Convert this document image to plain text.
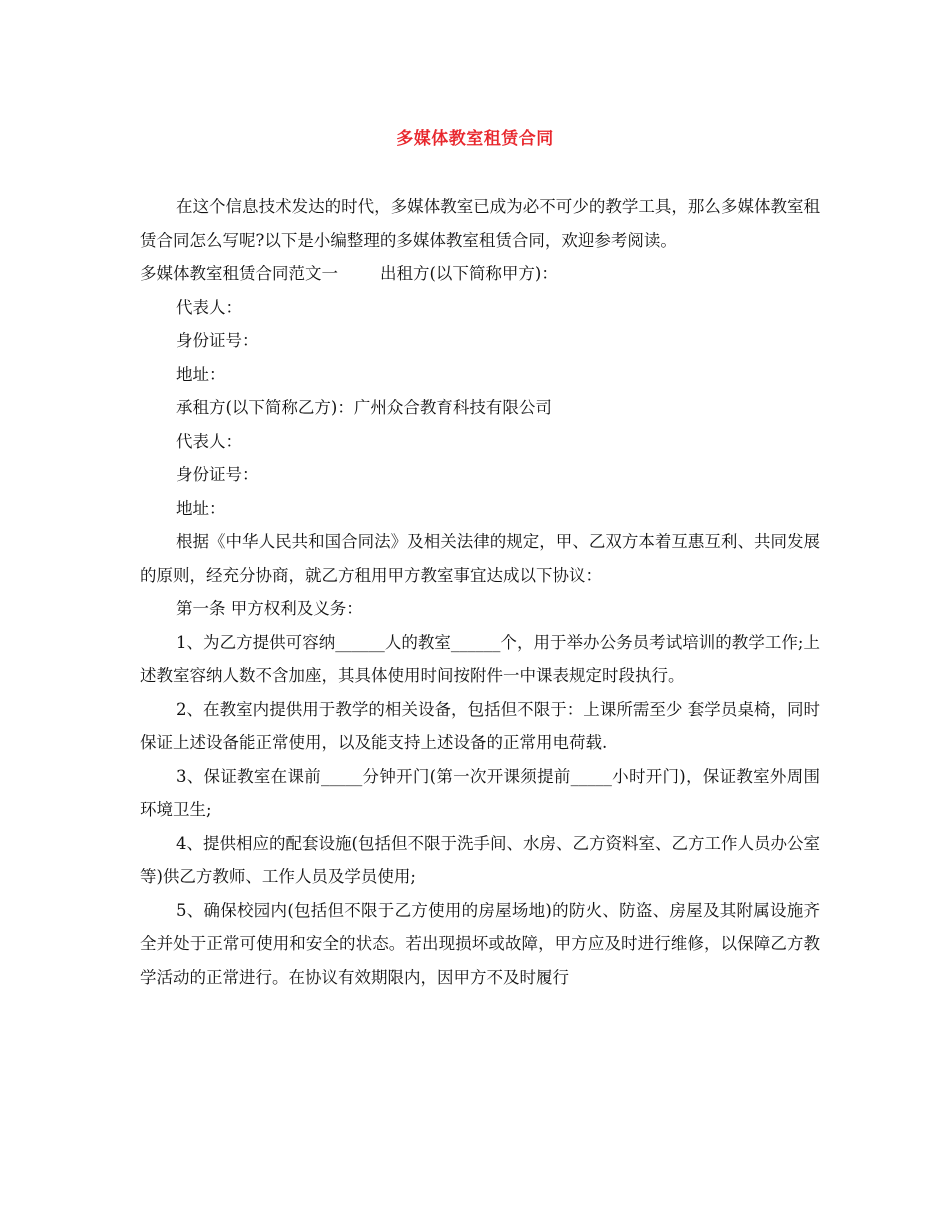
多媒体教室租赁合同

在这个信息技术发达的时代，多媒体教室已成为必不可少的教学工具，那么多媒体教室租赁合同怎么写呢?以下是小编整理的多媒体教室租赁合同，欢迎参考阅读。

多媒体教室租赁合同范文一	出租方(以下简称甲方)：

代表人：

身份证号：

地址：

承租方(以下简称乙方)：广州众合教育科技有限公司

代表人：

身份证号：

地址：

根据《中华人民共和国合同法》及相关法律的规定，甲、乙双方本着互惠互利、共同发展的原则，经充分协商，就乙方租用甲方教室事宜达成以下协议：

第一条 甲方权利及义务：

1、为乙方提供可容纳______人的教室______个，用于举办公务员考试培训的教学工作;上述教室容纳人数不含加座，其具体使用时间按附件一中课表规定时段执行。

2、在教室内提供用于教学的相关设备，包括但不限于：上课所需至少 套学员桌椅，同时保证上述设备能正常使用，以及能支持上述设备的正常用电荷载.

3、保证教室在课前_____分钟开门(第一次开课须提前_____小时开门)，保证教室外周围环境卫生;

4、提供相应的配套设施(包括但不限于洗手间、水房、乙方资料室、乙方工作人员办公室等)供乙方教师、工作人员及学员使用;

5、确保校园内(包括但不限于乙方使用的房屋场地)的防火、防盗、房屋及其附属设施齐全并处于正常可使用和安全的状态。若出现损坏或故障，甲方应及时进行维修，以保障乙方教学活动的正常进行。在协议有效期限内，因甲方不及时履行
